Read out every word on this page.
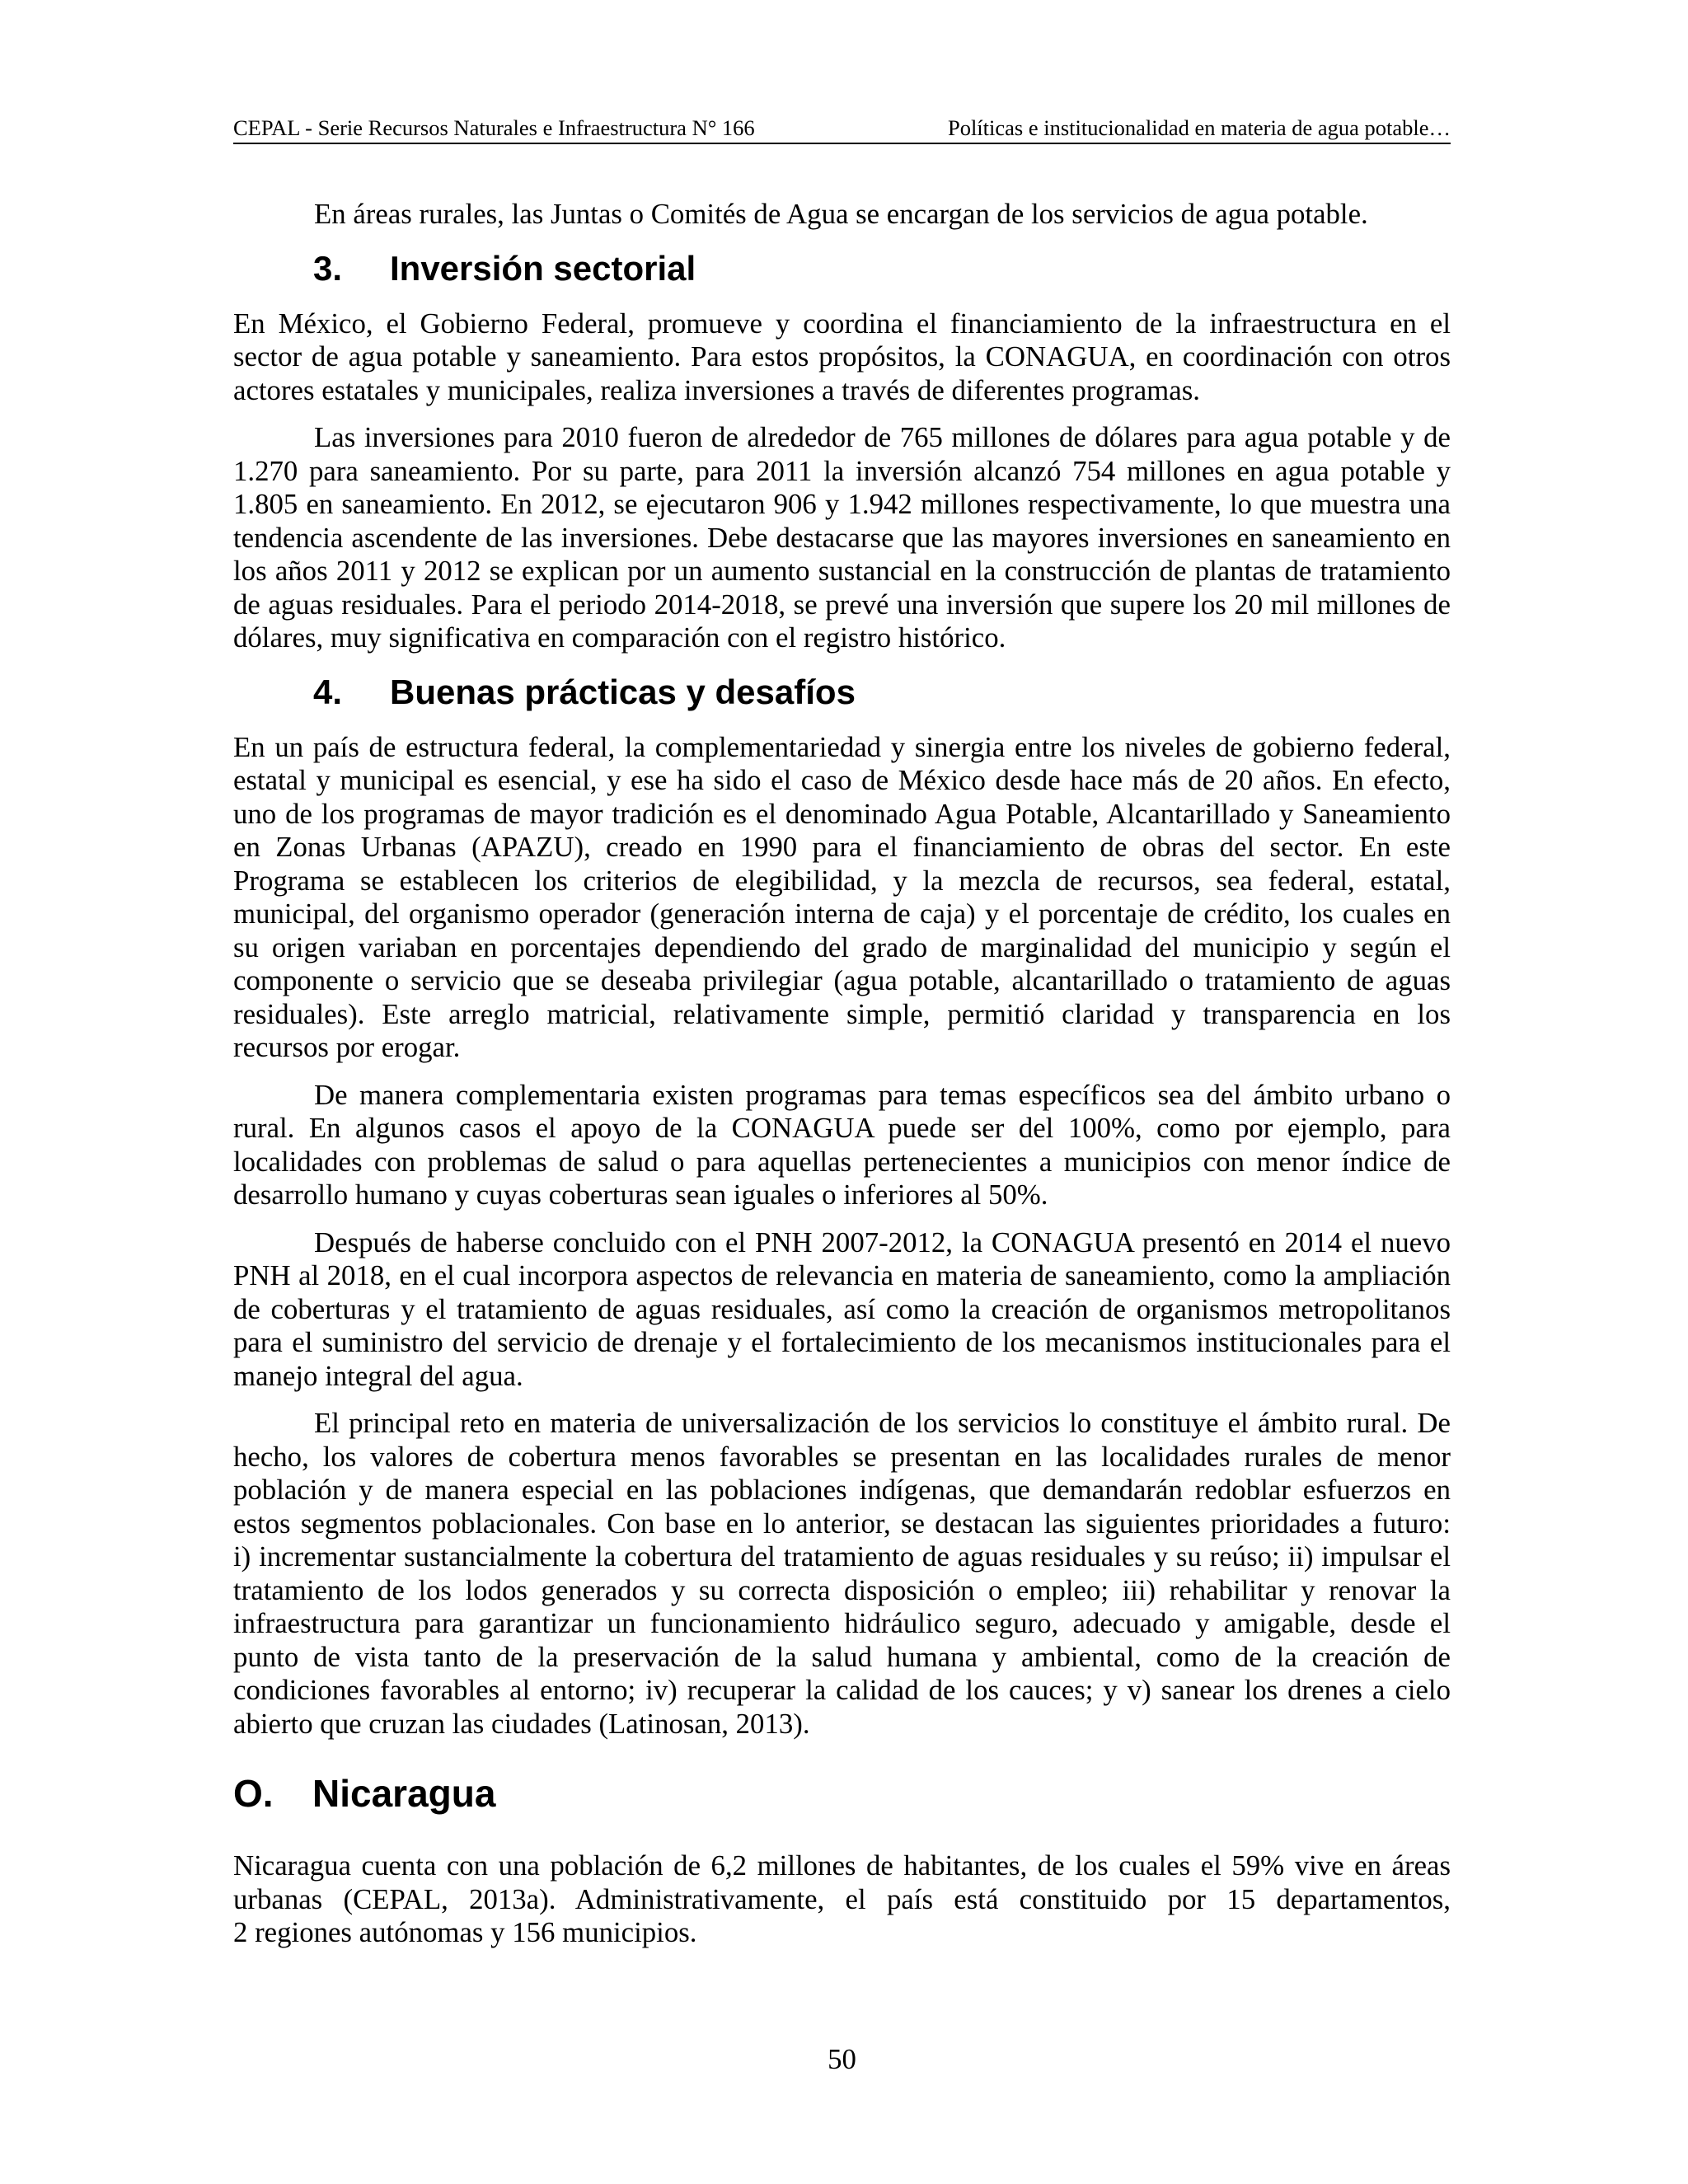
CEPAL - Serie Recursos Naturales e Infraestructura N° 166	Políticas e institucionalidad en materia de agua potable…
En áreas rurales, las Juntas o Comités de Agua se encargan de los servicios de agua potable.
3. Inversión sectorial
En México, el Gobierno Federal, promueve y coordina el financiamiento de la infraestructura en el
sector de agua potable y saneamiento. Para estos propósitos, la CONAGUA, en coordinación con otros
actores estatales y municipales, realiza inversiones a través de diferentes programas.
Las inversiones para 2010 fueron de alrededor de 765 millones de dólares para agua potable y de
1.270 para saneamiento. Por su parte, para 2011 la inversión alcanzó 754 millones en agua potable y
1.805 en saneamiento. En 2012, se ejecutaron 906 y 1.942 millones respectivamente, lo que muestra una
tendencia ascendente de las inversiones. Debe destacarse que las mayores inversiones en saneamiento en
los años 2011 y 2012 se explican por un aumento sustancial en la construcción de plantas de tratamiento
de aguas residuales. Para el periodo 2014-2018, se prevé una inversión que supere los 20 mil millones de
dólares, muy significativa en comparación con el registro histórico.
4. Buenas prácticas y desafíos
En un país de estructura federal, la complementariedad y sinergia entre los niveles de gobierno federal,
estatal y municipal es esencial, y ese ha sido el caso de México desde hace más de 20 años. En efecto,
uno de los programas de mayor tradición es el denominado Agua Potable, Alcantarillado y Saneamiento
en Zonas Urbanas (APAZU), creado en 1990 para el financiamiento de obras del sector. En este
Programa se establecen los criterios de elegibilidad, y la mezcla de recursos, sea federal, estatal,
municipal, del organismo operador (generación interna de caja) y el porcentaje de crédito, los cuales en
su origen variaban en porcentajes dependiendo del grado de marginalidad del municipio y según el
componente o servicio que se deseaba privilegiar (agua potable, alcantarillado o tratamiento de aguas
residuales). Este arreglo matricial, relativamente simple, permitió claridad y transparencia en los
recursos por erogar.
De manera complementaria existen programas para temas específicos sea del ámbito urbano o
rural. En algunos casos el apoyo de la CONAGUA puede ser del 100%, como por ejemplo, para
localidades con problemas de salud o para aquellas pertenecientes a municipios con menor índice de
desarrollo humano y cuyas coberturas sean iguales o inferiores al 50%.
Después de haberse concluido con el PNH 2007-2012, la CONAGUA presentó en 2014 el nuevo
PNH al 2018, en el cual incorpora aspectos de relevancia en materia de saneamiento, como la ampliación
de coberturas y el tratamiento de aguas residuales, así como la creación de organismos metropolitanos
para el suministro del servicio de drenaje y el fortalecimiento de los mecanismos institucionales para el
manejo integral del agua.
El principal reto en materia de universalización de los servicios lo constituye el ámbito rural. De
hecho, los valores de cobertura menos favorables se presentan en las localidades rurales de menor
población y de manera especial en las poblaciones indígenas, que demandarán redoblar esfuerzos en
estos segmentos poblacionales. Con base en lo anterior, se destacan las siguientes prioridades a futuro:
i) incrementar sustancialmente la cobertura del tratamiento de aguas residuales y su reúso; ii) impulsar el
tratamiento de los lodos generados y su correcta disposición o empleo; iii) rehabilitar y renovar la
infraestructura para garantizar un funcionamiento hidráulico seguro, adecuado y amigable, desde el
punto de vista tanto de la preservación de la salud humana y ambiental, como de la creación de
condiciones favorables al entorno; iv) recuperar la calidad de los cauces; y v) sanear los drenes a cielo
abierto que cruzan las ciudades (Latinosan, 2013).
O. Nicaragua
Nicaragua cuenta con una población de 6,2 millones de habitantes, de los cuales el 59% vive en áreas
urbanas (CEPAL, 2013a). Administrativamente, el país está constituido por 15 departamentos,
2 regiones autónomas y 156 municipios.
50
